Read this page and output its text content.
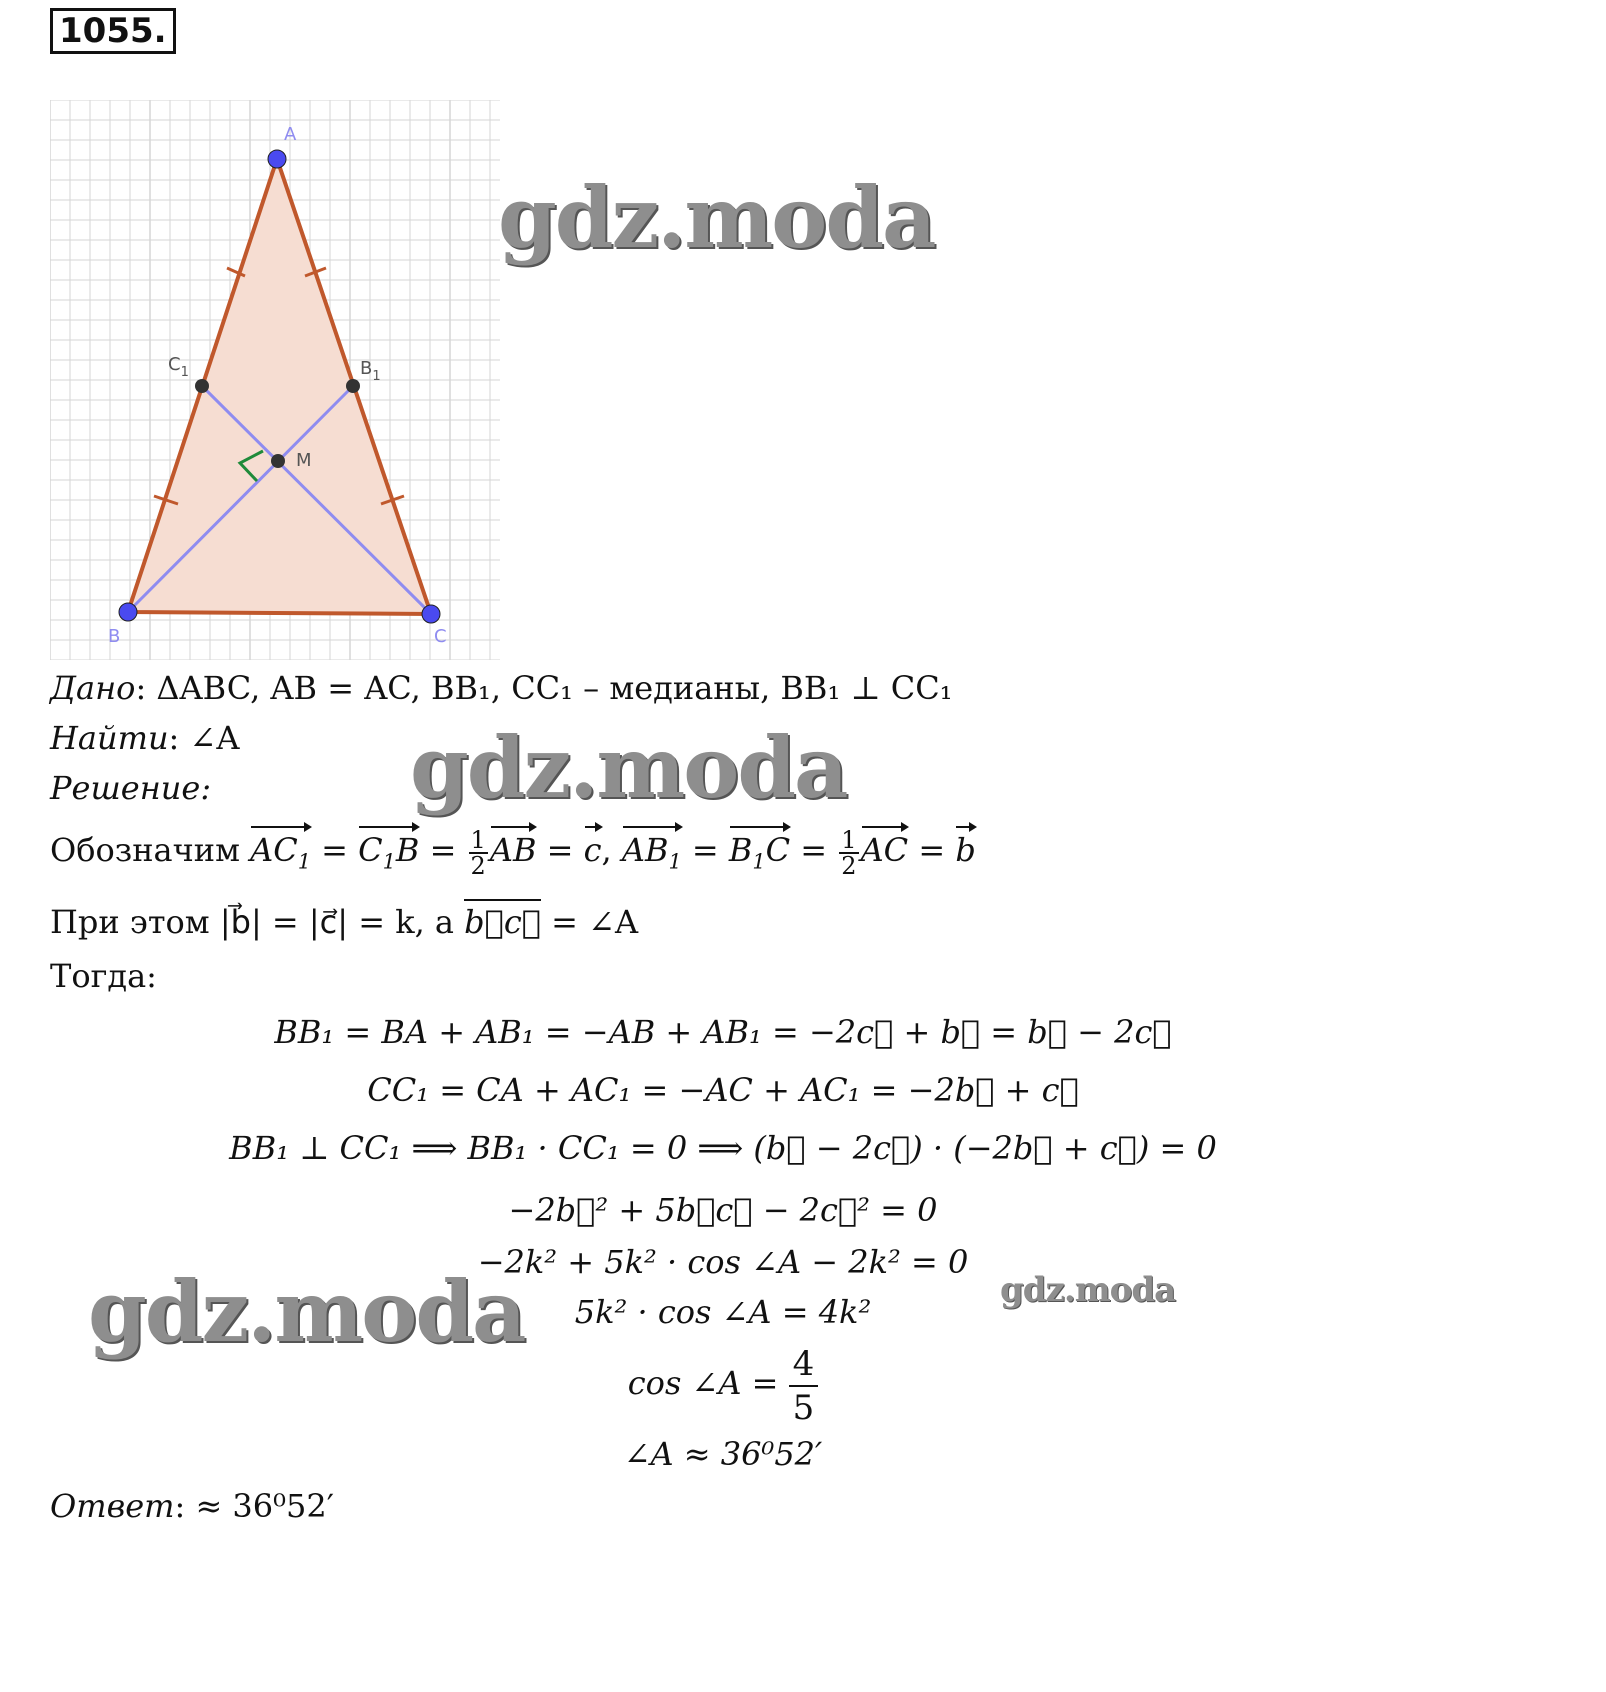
1055.
A
B	C
$C_1$	$B_1$
M
gdz.moda
gdz.moda
gdz.moda	gdz.moda
Дано: ΔABC, AB = AC, BB₁, CC₁ – медианы, BB₁ ⊥ CC₁
Найти: ∠A
Решение:
Обозначим $AC_1 = C_1B = \frac{1}{2}$ AB = c, $AB_1 = B_1C = \frac{1}{2}$ AC = b
При этом |b⃗| = |c⃗| = k, а b⃗c⃗ = ∠A
Тогда:
BB₁ = BA + AB₁ = −AB + AB₁ = −2c⃗ + b⃗ = b⃗ − 2c⃗
CC₁ = CA + AC₁ = −AC + AC₁ = −2b⃗ + c⃗
BB₁ ⊥ CC₁ ⟹ BB₁ · CC₁ = 0 ⟹ (b⃗ − 2c⃗) · (−2b⃗ + c⃗) = 0
−2b⃗² + 5b⃗c⃗ − 2c⃗² = 0
−2k² + 5k² · cos ∠A − 2k² = 0
5k² · cos ∠A = 4k²
cos ∠A = $\frac{4}{5}$
∠A ≈ 36⁰52′
Ответ: ≈ 36⁰52′
